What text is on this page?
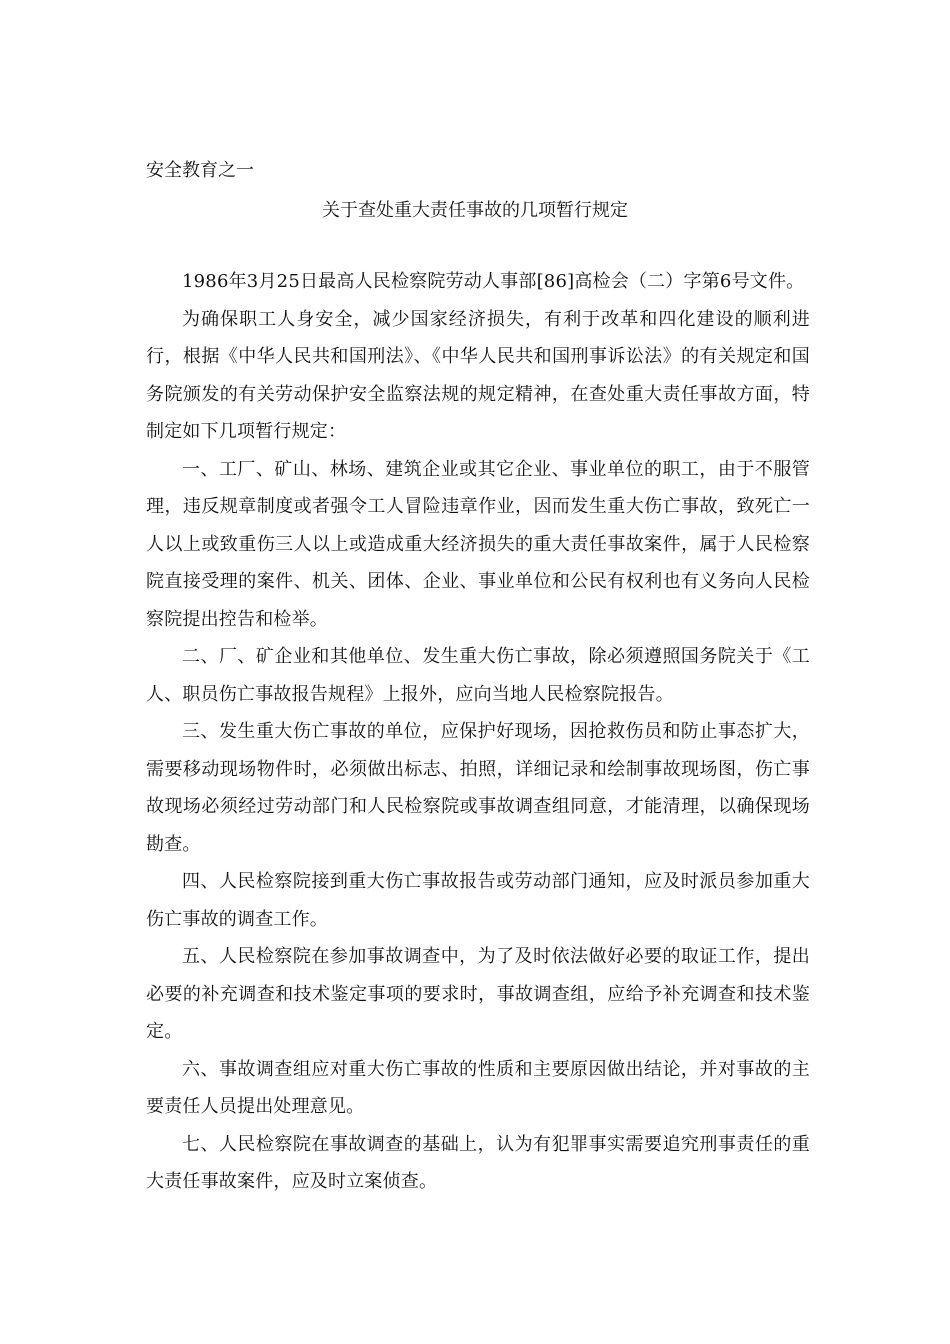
安全教育之一
关于查处重大责任事故的几项暂行规定

1986年3月25日最高人民检察院劳动人事部[86]高检会（二）字第6号文件。

为确保职工人身安全，减少国家经济损失，有利于改革和四化建设的顺利进行，根据《中华人民共和国刑法》、《中华人民共和国刑事诉讼法》的有关规定和国务院颁发的有关劳动保护安全监察法规的规定精神，在查处重大责任事故方面，特制定如下几项暂行规定：

一、工厂、矿山、林场、建筑企业或其它企业、事业单位的职工，由于不服管理，违反规章制度或者强令工人冒险违章作业，因而发生重大伤亡事故，致死亡一人以上或致重伤三人以上或造成重大经济损失的重大责任事故案件，属于人民检察院直接受理的案件、机关、团体、企业、事业单位和公民有权利也有义务向人民检察院提出控告和检举。

二、厂、矿企业和其他单位、发生重大伤亡事故，除必须遵照国务院关于《工人、职员伤亡事故报告规程》上报外，应向当地人民检察院报告。

三、发生重大伤亡事故的单位，应保护好现场，因抢救伤员和防止事态扩大，需要移动现场物件时，必须做出标志、拍照，详细记录和绘制事故现场图，伤亡事故现场必须经过劳动部门和人民检察院或事故调查组同意，才能清理，以确保现场勘查。

四、人民检察院接到重大伤亡事故报告或劳动部门通知，应及时派员参加重大伤亡事故的调查工作。

五、人民检察院在参加事故调查中，为了及时依法做好必要的取证工作，提出必要的补充调查和技术鉴定事项的要求时，事故调查组，应给予补充调查和技术鉴定。

六、事故调查组应对重大伤亡事故的性质和主要原因做出结论，并对事故的主要责任人员提出处理意见。

七、人民检察院在事故调查的基础上，认为有犯罪事实需要追究刑事责任的重大责任事故案件，应及时立案侦查。
